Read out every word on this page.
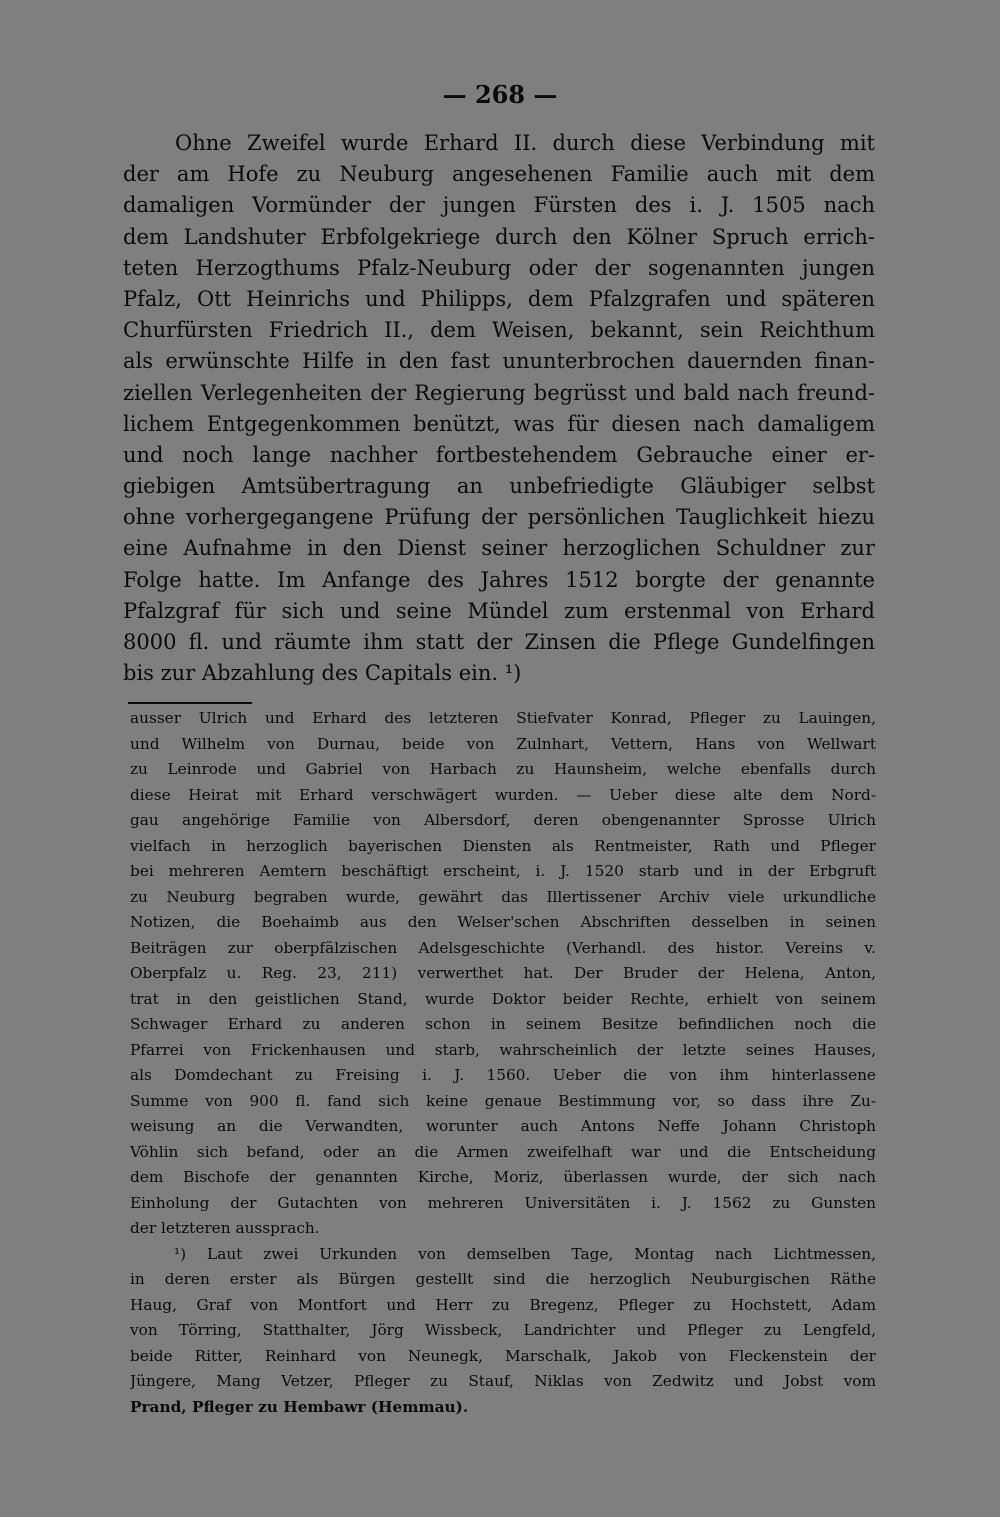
— 268 —
Ohne Zweifel wurde Erhard II. durch diese Verbindung mit
der am Hofe zu Neuburg angesehenen Familie auch mit dem
damaligen Vormünder der jungen Fürsten des i. J. 1505 nach
dem Landshuter Erbfolgekriege durch den Kölner Spruch errich-
teten Herzogthums Pfalz-Neuburg oder der sogenannten jungen
Pfalz, Ott Heinrichs und Philipps, dem Pfalzgrafen und späteren
Churfürsten Friedrich II., dem Weisen, bekannt, sein Reichthum
als erwünschte Hilfe in den fast ununterbrochen dauernden finan-
ziellen Verlegenheiten der Regierung begrüsst und bald nach freund-
lichem Entgegenkommen benützt, was für diesen nach damaligem
und noch lange nachher fortbestehendem Gebrauche einer er-
giebigen Amtsübertragung an unbefriedigte Gläubiger selbst
ohne vorhergegangene Prüfung der persönlichen Tauglichkeit hiezu
eine Aufnahme in den Dienst seiner herzoglichen Schuldner zur
Folge hatte. Im Anfange des Jahres 1512 borgte der genannte
Pfalzgraf für sich und seine Mündel zum erstenmal von Erhard
8000 fl. und räumte ihm statt der Zinsen die Pflege Gundelfingen
bis zur Abzahlung des Capitals ein. ¹)
ausser Ulrich und Erhard des letzteren Stiefvater Konrad, Pfleger zu Lauingen,
und Wilhelm von Durnau, beide von Zulnhart, Vettern, Hans von Wellwart
zu Leinrode und Gabriel von Harbach zu Haunsheim, welche ebenfalls durch
diese Heirat mit Erhard verschwägert wurden. — Ueber diese alte dem Nord-
gau angehörige Familie von Albersdorf, deren obengenannter Sprosse Ulrich
vielfach in herzoglich bayerischen Diensten als Rentmeister, Rath und Pfleger
bei mehreren Aemtern beschäftigt erscheint, i. J. 1520 starb und in der Erbgruft
zu Neuburg begraben wurde, gewährt das Illertissener Archiv viele urkundliche
Notizen, die Boehaimb aus den Welser'schen Abschriften desselben in seinen
Beiträgen zur oberpfälzischen Adelsgeschichte (Verhandl. des histor. Vereins v.
Oberpfalz u. Reg. 23, 211) verwerthet hat. Der Bruder der Helena, Anton,
trat in den geistlichen Stand, wurde Doktor beider Rechte, erhielt von seinem
Schwager Erhard zu anderen schon in seinem Besitze befindlichen noch die
Pfarrei von Frickenhausen und starb, wahrscheinlich der letzte seines Hauses,
als Domdechant zu Freising i. J. 1560. Ueber die von ihm hinterlassene
Summe von 900 fl. fand sich keine genaue Bestimmung vor, so dass ihre Zu-
weisung an die Verwandten, worunter auch Antons Neffe Johann Christoph
Vöhlin sich befand, oder an die Armen zweifelhaft war und die Entscheidung
dem Bischofe der genannten Kirche, Moriz, überlassen wurde, der sich nach
Einholung der Gutachten von mehreren Universitäten i. J. 1562 zu Gunsten
der letzteren aussprach.
¹) Laut zwei Urkunden von demselben Tage, Montag nach Lichtmessen,
in deren erster als Bürgen gestellt sind die herzoglich Neuburgischen Räthe
Haug, Graf von Montfort und Herr zu Bregenz, Pfleger zu Hochstett, Adam
von Törring, Statthalter, Jörg Wissbeck, Landrichter und Pfleger zu Lengfeld,
beide Ritter, Reinhard von Neunegk, Marschalk, Jakob von Fleckenstein der
Jüngere, Mang Vetzer, Pfleger zu Stauf, Niklas von Zedwitz und Jobst vom
Prand, Pfleger zu Hembawr (Hemmau).
